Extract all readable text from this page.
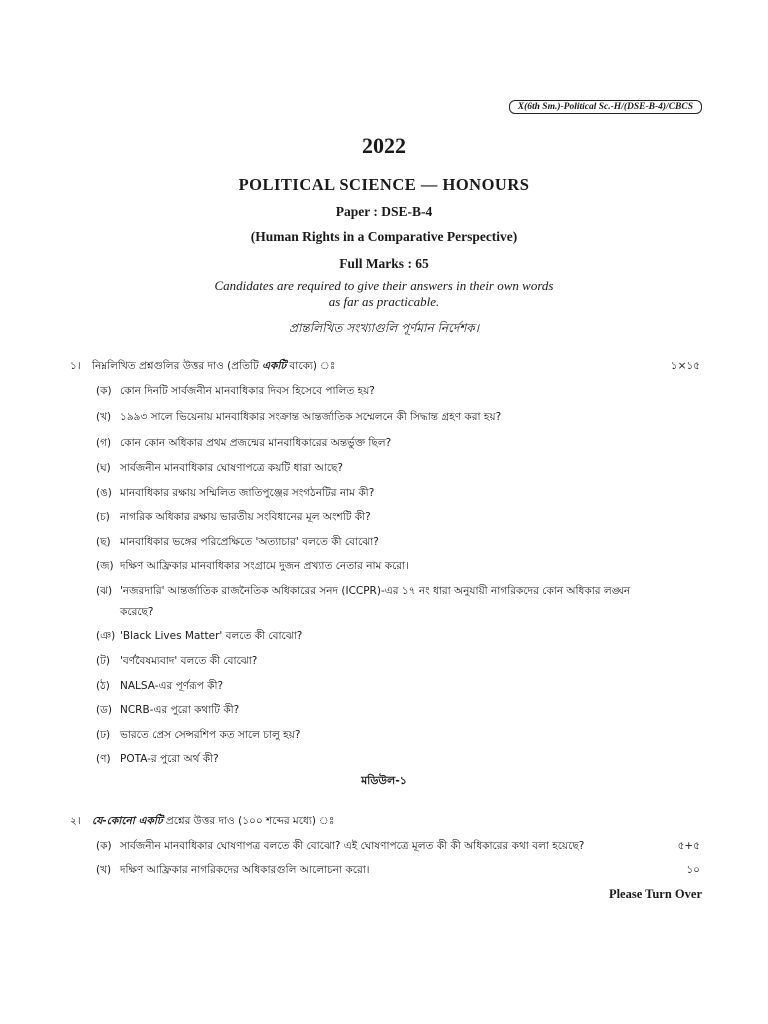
X(6th Sm.)-Political Sc.-H/(DSE-B-4)/CBCS
2022
POLITICAL SCIENCE — HONOURS
Paper : DSE-B-4
(Human Rights in a Comparative Perspective)
Full Marks : 65
Candidates are required to give their answers in their own words
as far as practicable.
প্রান্তলিখিত সংখ্যাগুলি পূর্ণমান নির্দেশক।
১। নিম্নলিখিত প্রশ্নগুলির উত্তর দাও (প্রতিটি একটি বাক্যে) ঃ	১×১৫
(ক) কোন দিনটি সার্বজনীন মানবাধিকার দিবস হিসেবে পালিত হয়?
(খ) ১৯৯৩ সালে ভিয়েনায় মানবাধিকার সংক্রান্ত আন্তর্জাতিক সম্মেলনে কী সিদ্ধান্ত গ্রহণ করা হয়?
(গ) কোন কোন অধিকার প্রথম প্রজন্মের মানবাধিকারের অন্তর্ভুক্ত ছিল?
(ঘ) সার্বজনীন মানবাধিকার ঘোষণাপত্রে কয়টি ধারা আছে?
(ঙ) মানবাধিকার রক্ষায় সম্মিলিত জাতিপুঞ্জের সংগঠনটির নাম কী?
(চ) নাগরিক অধিকার রক্ষায় ভারতীয় সংবিধানের মূল অংশটি কী?
(ছ) মানবাধিকার ভঙ্গের পরিপ্রেক্ষিতে 'অত্যাচার' বলতে কী বোঝো?
(জ) দক্ষিণ আফ্রিকার মানবাধিকার সংগ্রামে দুজন প্রখ্যাত নেতার নাম করো।
(ঝ) 'নজরদারি' আন্তর্জাতিক রাজনৈতিক অধিকারের সনদ (ICCPR)-এর ১৭ নং ধারা অনুযায়ী নাগরিকদের কোন অধিকার লঙ্ঘন
করেছে?
(ঞ) 'Black Lives Matter' বলতে কী বোঝো?
(ট) 'বর্ণবৈষম্যবাদ' বলতে কী বোঝো?
(ঠ) NALSA-এর পূর্ণরূপ কী?
(ড) NCRB-এর পুরো কথাটি কী?
(ঢ) ভারতে প্রেস সেন্সরশিপ কত সালে চালু হয়?
(ণ) POTA-র পুরো অর্থ কী?
মডিউল-১
২। যে-কোনো একটি প্রশ্নের উত্তর দাও (১০০ শব্দের মধ্যে) ঃ
(ক) সার্বজনীন মানবাধিকার ঘোষণাপত্র বলতে কী বোঝো? এই ঘোষণাপত্রে মূলত কী কী অধিকারের কথা বলা হয়েছে?	৫+৫
(খ) দক্ষিণ আফ্রিকার নাগরিকদের অধিকারগুলি আলোচনা করো।	১০
Please Turn Over
